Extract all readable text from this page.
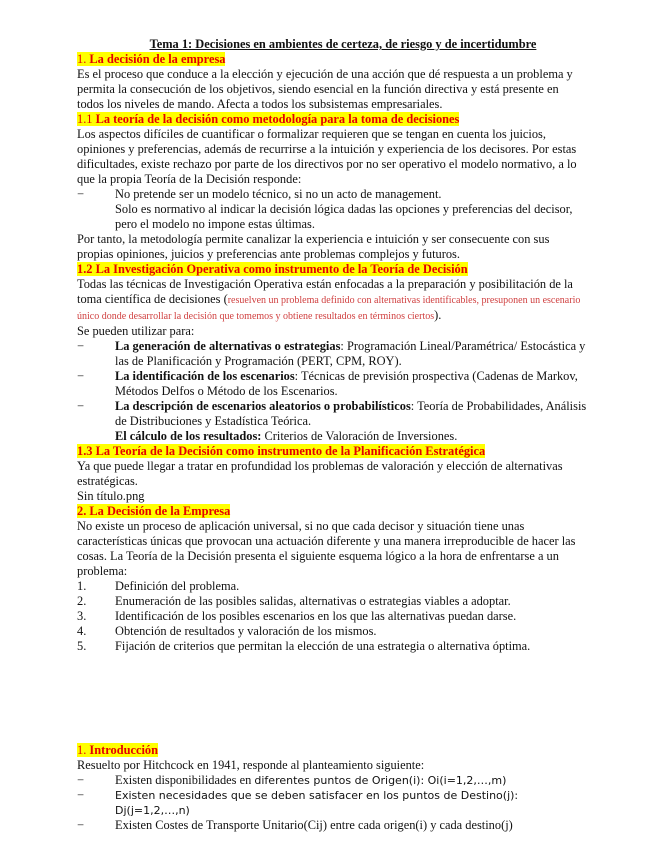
Tema 1: Decisiones en ambientes de certeza, de riesgo y de incertidumbre
1. La decisión de la empresa

Es el proceso que conduce a la elección y ejecución de una acción que dé respuesta a un problema y permita la consecución de los objetivos, siendo esencial en la función directiva y está presente en todos los niveles de mando. Afecta a todos los subsistemas empresariales.

1.1 La teoría de la decisión como metodología para la toma de decisiones

Los aspectos difíciles de cuantificar o formalizar requieren que se tengan en cuenta los juicios, opiniones y preferencias, además de recurrirse a la intuición y experiencia de los decisores. Por estas dificultades, existe rechazo por parte de los directivos por no ser operativo el modelo normativo, a lo que la propia Teoría de la Decisión responde:

−	No pretende ser un modelo técnico, si no un acto de management.

Solo es normativo al indicar la decisión lógica dadas las opciones y preferencias del decisor, pero el modelo no impone estas últimas.

Por tanto, la metodología permite canalizar la experiencia e intuición y ser consecuente con sus propias opiniones, juicios y preferencias ante problemas complejos y futuros.

1.2 La Investigación Operativa como instrumento de la Teoría de Decisión

Todas las técnicas de Investigación Operativa están enfocadas a la preparación y posibilitación de la toma científica de decisiones (resuelven un problema definido con alternativas identificables, presuponen un escenario único donde desarrollar la decisión que tomemos y obtiene resultados en términos ciertos).

Se pueden utilizar para:

−	La generación de alternativas o estrategias: Programación Lineal/Paramétrica/ Estocástica y las de Planificación y Programación (PERT, CPM, ROY).
−	La identificación de los escenarios: Técnicas de previsión prospectiva (Cadenas de Markov, Métodos Delfos o Método de los Escenarios.
−	La descripción de escenarios aleatorios o probabilísticos: Teoría de Probabilidades, Análisis de Distribuciones y Estadística Teórica.

El cálculo de los resultados: Criterios de Valoración de Inversiones.

1.3 La Teoría de la Decisión como instrumento de la Planificación Estratégica

Ya que puede llegar a tratar en profundidad los problemas de valoración y elección de alternativas estratégicas.

Sin título.png

2. La Decisión de la Empresa

No existe un proceso de aplicación universal, si no que cada decisor y situación tiene unas características únicas que provocan una actuación diferente y una manera irreproducible de hacer las cosas. La Teoría de la Decisión presenta el siguiente esquema lógico a la hora de enfrentarse a un problema:

1. Definición del problema.
2. Enumeración de las posibles salidas, alternativas o estrategias viables a adoptar.
3. Identificación de los posibles escenarios en los que las alternativas puedan darse.
4. Obtención de resultados y valoración de los mismos.
5. Fijación de criterios que permitan la elección de una estrategia o alternativa óptima.
1. Introducción

Resuelto por Hitchcock en 1941, responde al planteamiento siguiente:

−	Existen disponibilidades en diferentes puntos de Origen(i): Oi(i=1,2,…,m)
−	Existen necesidades que se deben satisfacer en los puntos de Destino(j): Dj(j=1,2,…,n)
−	Existen Costes de Transporte Unitario(Cij) entre cada origen(i) y cada destino(j)
